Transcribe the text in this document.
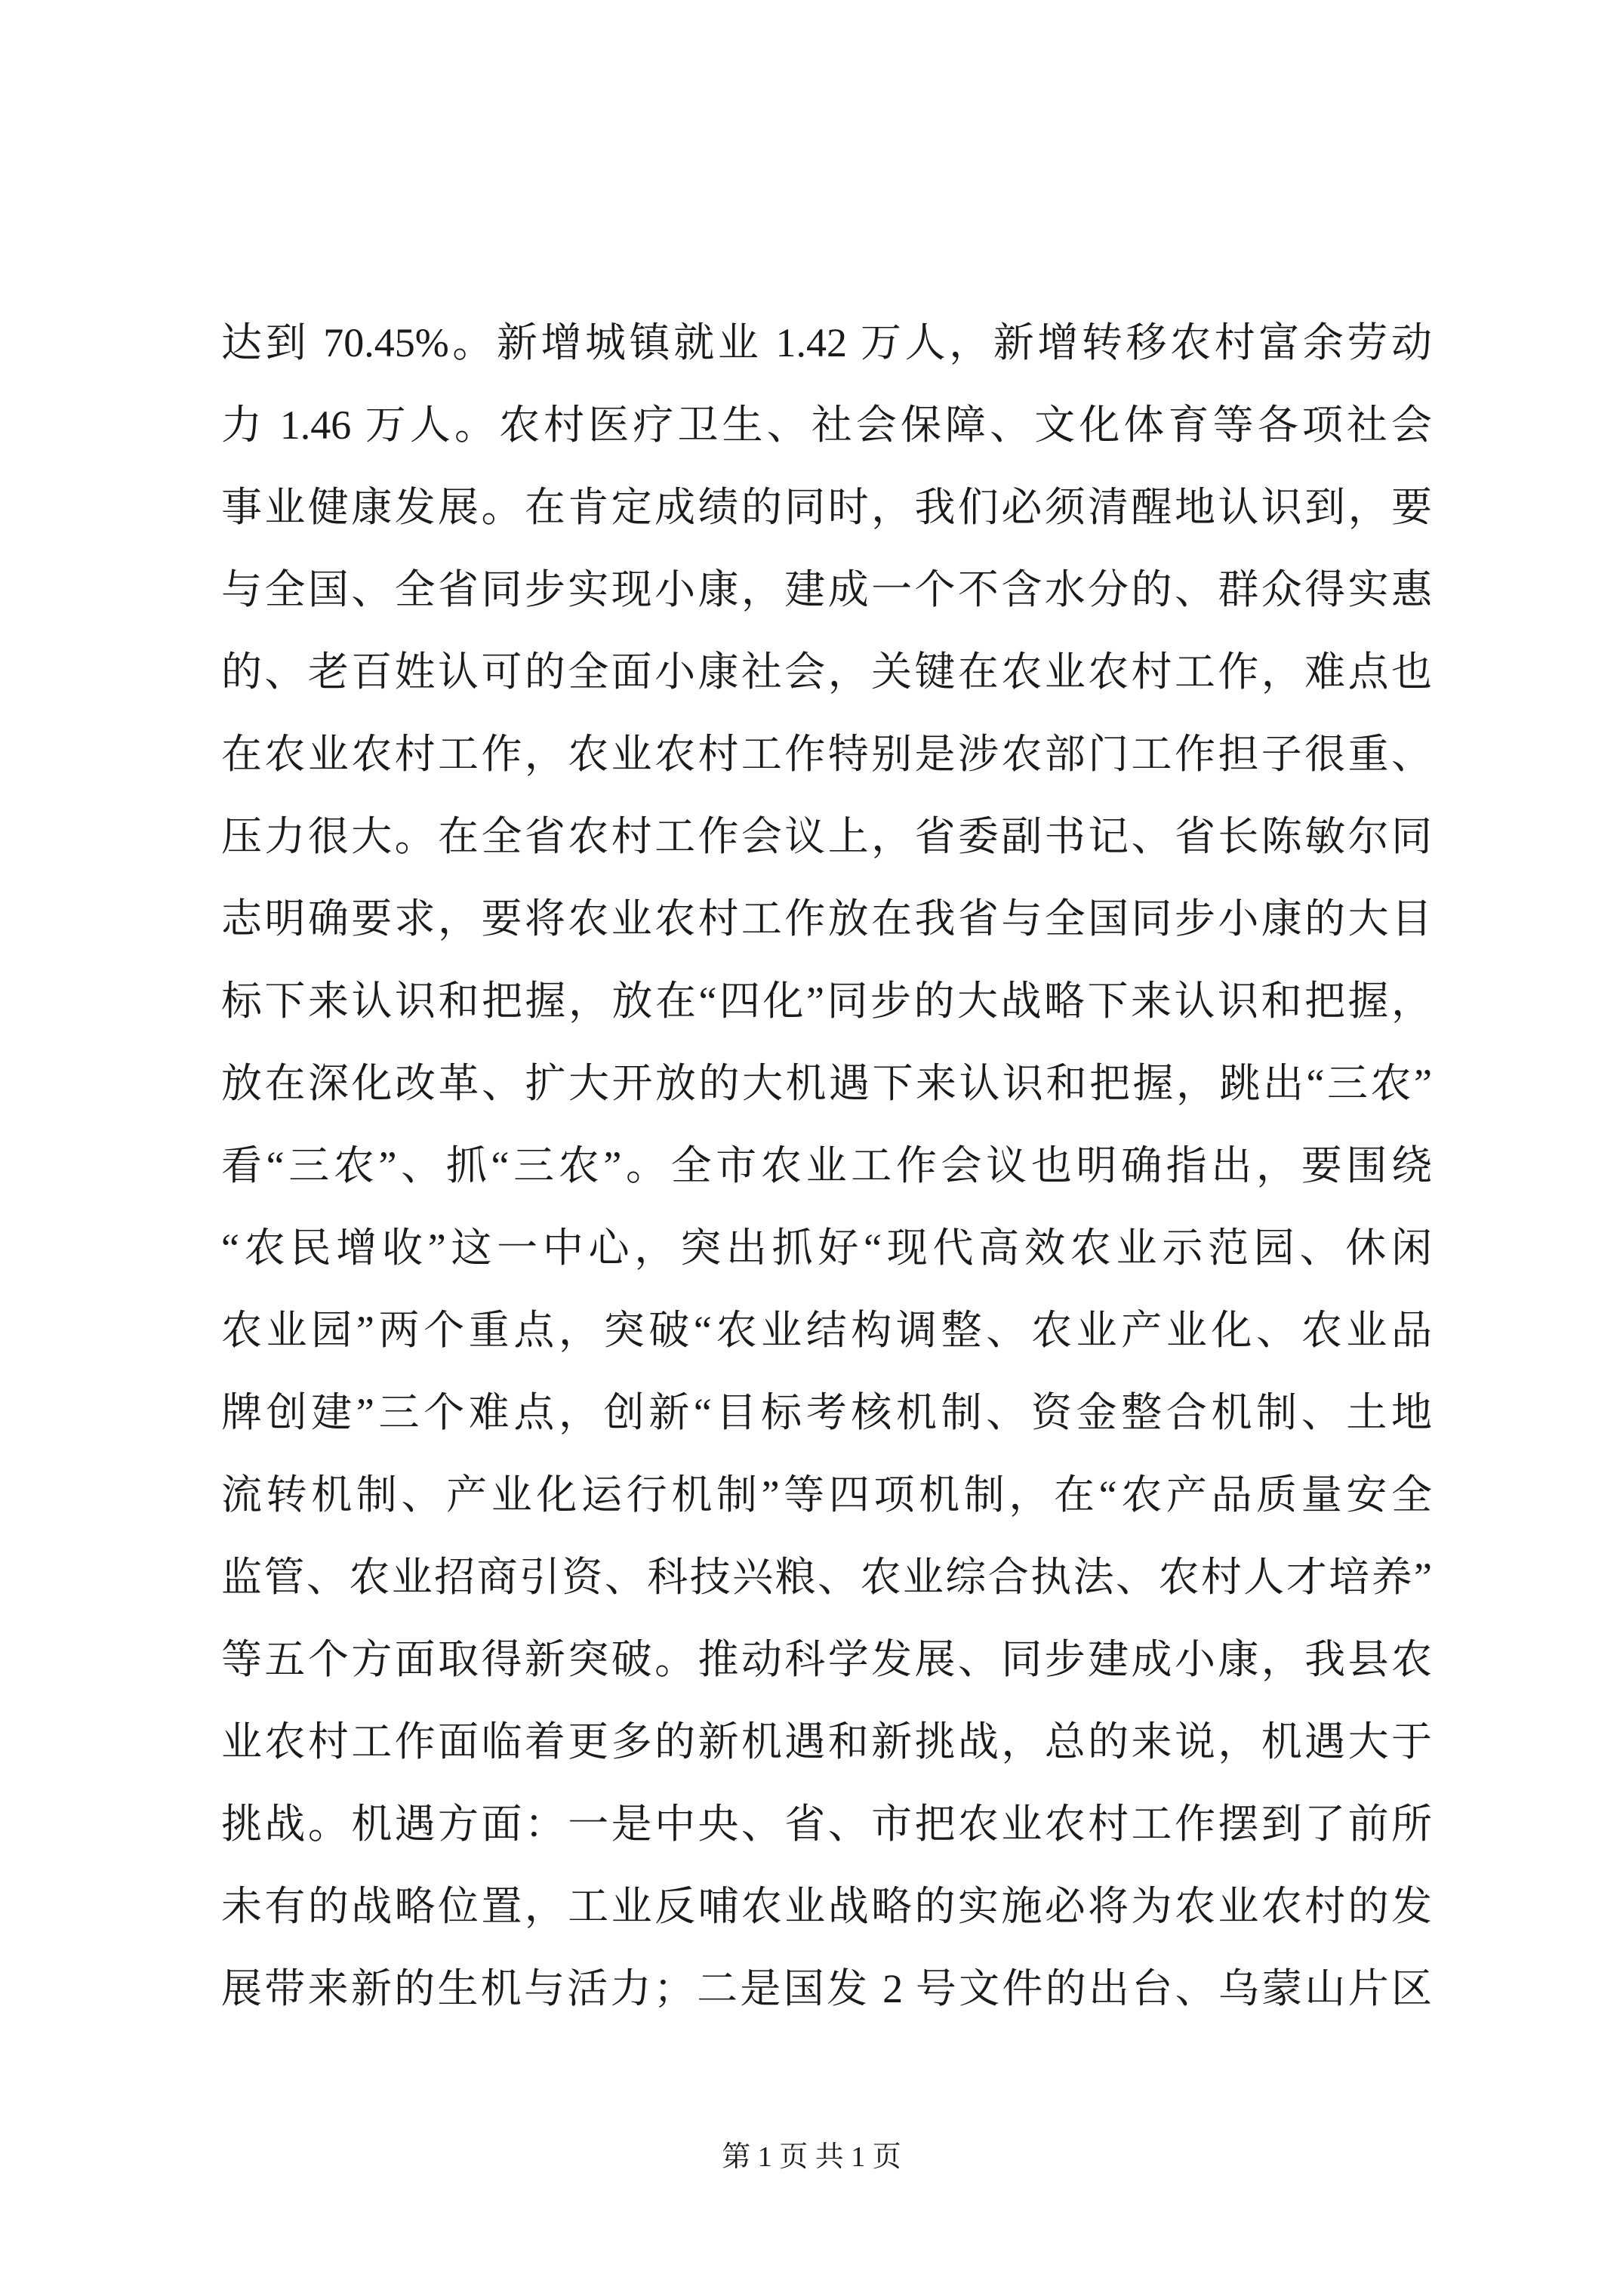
达到 70.45%。新增城镇就业 1.42 万人，新增转移农村富余劳动
力 1.46 万人。农村医疗卫生、社会保障、文化体育等各项社会
事业健康发展。在肯定成绩的同时，我们必须清醒地认识到，要
与全国、全省同步实现小康，建成一个不含水分的、群众得实惠
的、老百姓认可的全面小康社会，关键在农业农村工作，难点也
在农业农村工作，农业农村工作特别是涉农部门工作担子很重、
压力很大。在全省农村工作会议上，省委副书记、省长陈敏尔同
志明确要求，要将农业农村工作放在我省与全国同步小康的大目
标下来认识和把握，放在“四化”同步的大战略下来认识和把握，
放在深化改革、扩大开放的大机遇下来认识和把握，跳出“三农”
看“三农”、抓“三农”。全市农业工作会议也明确指出，要围绕
“农民增收”这一中心，突出抓好“现代高效农业示范园、休闲
农业园”两个重点，突破“农业结构调整、农业产业化、农业品
牌创建”三个难点，创新“目标考核机制、资金整合机制、土地
流转机制、产业化运行机制”等四项机制，在“农产品质量安全
监管、农业招商引资、科技兴粮、农业综合执法、农村人才培养”
等五个方面取得新突破。推动科学发展、同步建成小康，我县农
业农村工作面临着更多的新机遇和新挑战，总的来说，机遇大于
挑战。机遇方面：一是中央、省、市把农业农村工作摆到了前所
未有的战略位置，工业反哺农业战略的实施必将为农业农村的发
展带来新的生机与活力；二是国发 2 号文件的出台、乌蒙山片区
第 1 页 共 1 页
